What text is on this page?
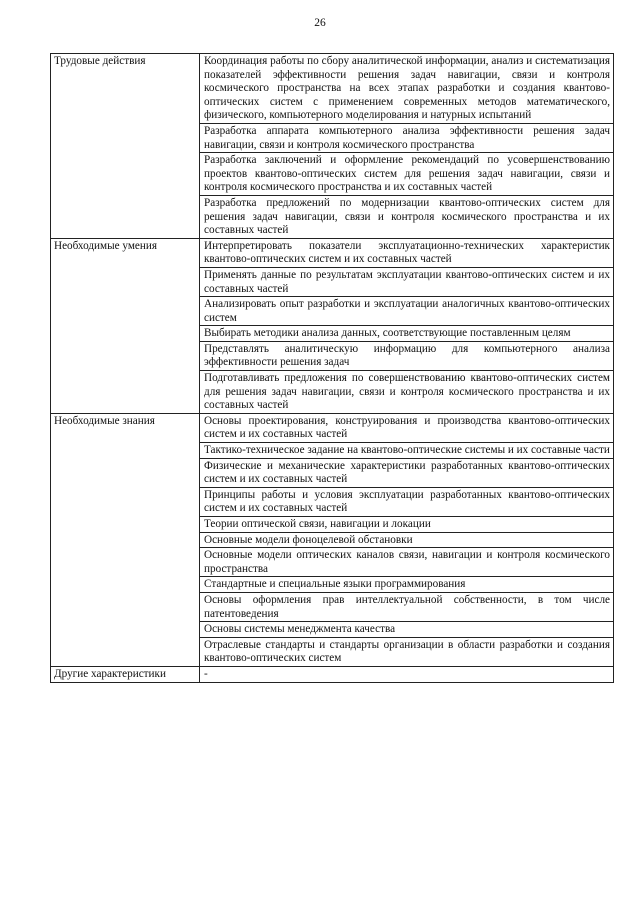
26
Трудовые действия	Координация работы по сбору аналитической информации, анализ и систематизация показателей эффективности решения задач навигации, связи и контроля космического пространства на всех этапах разработки и создания квантово-оптических систем с применением современных методов математического, физического, компьютерного моделирования и натурных испытаний
	Разработка аппарата компьютерного анализа эффективности решения задач навигации, связи и контроля космического пространства
	Разработка заключений и оформление рекомендаций по усовершенствованию проектов квантово-оптических систем для решения задач навигации, связи и контроля космического пространства и их составных частей
	Разработка предложений по модернизации квантово-оптических систем для решения задач навигации, связи и контроля космического пространства и их составных частей
Необходимые умения	Интерпретировать показатели эксплуатационно-технических характеристик квантово-оптических систем и их составных частей
	Применять данные по результатам эксплуатации квантово-оптических систем и их составных частей
	Анализировать опыт разработки и эксплуатации аналогичных квантово-оптических систем
	Выбирать методики анализа данных, соответствующие поставленным целям
	Представлять аналитическую информацию для компьютерного анализа эффективности решения задач
	Подготавливать предложения по совершенствованию квантово-оптических систем для решения задач навигации, связи и контроля космического пространства и их составных частей
Необходимые знания	Основы проектирования, конструирования и производства квантово-оптических систем и их составных частей
	Тактико-техническое задание на квантово-оптические системы и их составные части
	Физические и механические характеристики разработанных квантово-оптических систем и их составных частей
	Принципы работы и условия эксплуатации разработанных квантово-оптических систем и их составных частей
	Теории оптической связи, навигации и локации
	Основные модели фоноцелевой обстановки
	Основные модели оптических каналов связи, навигации и контроля космического пространства
	Стандартные и специальные языки программирования
	Основы оформления прав интеллектуальной собственности, в том числе патентоведения
	Основы системы менеджмента качества
	Отраслевые стандарты и стандарты организации в области разработки и создания квантово-оптических систем
Другие характеристики	-
